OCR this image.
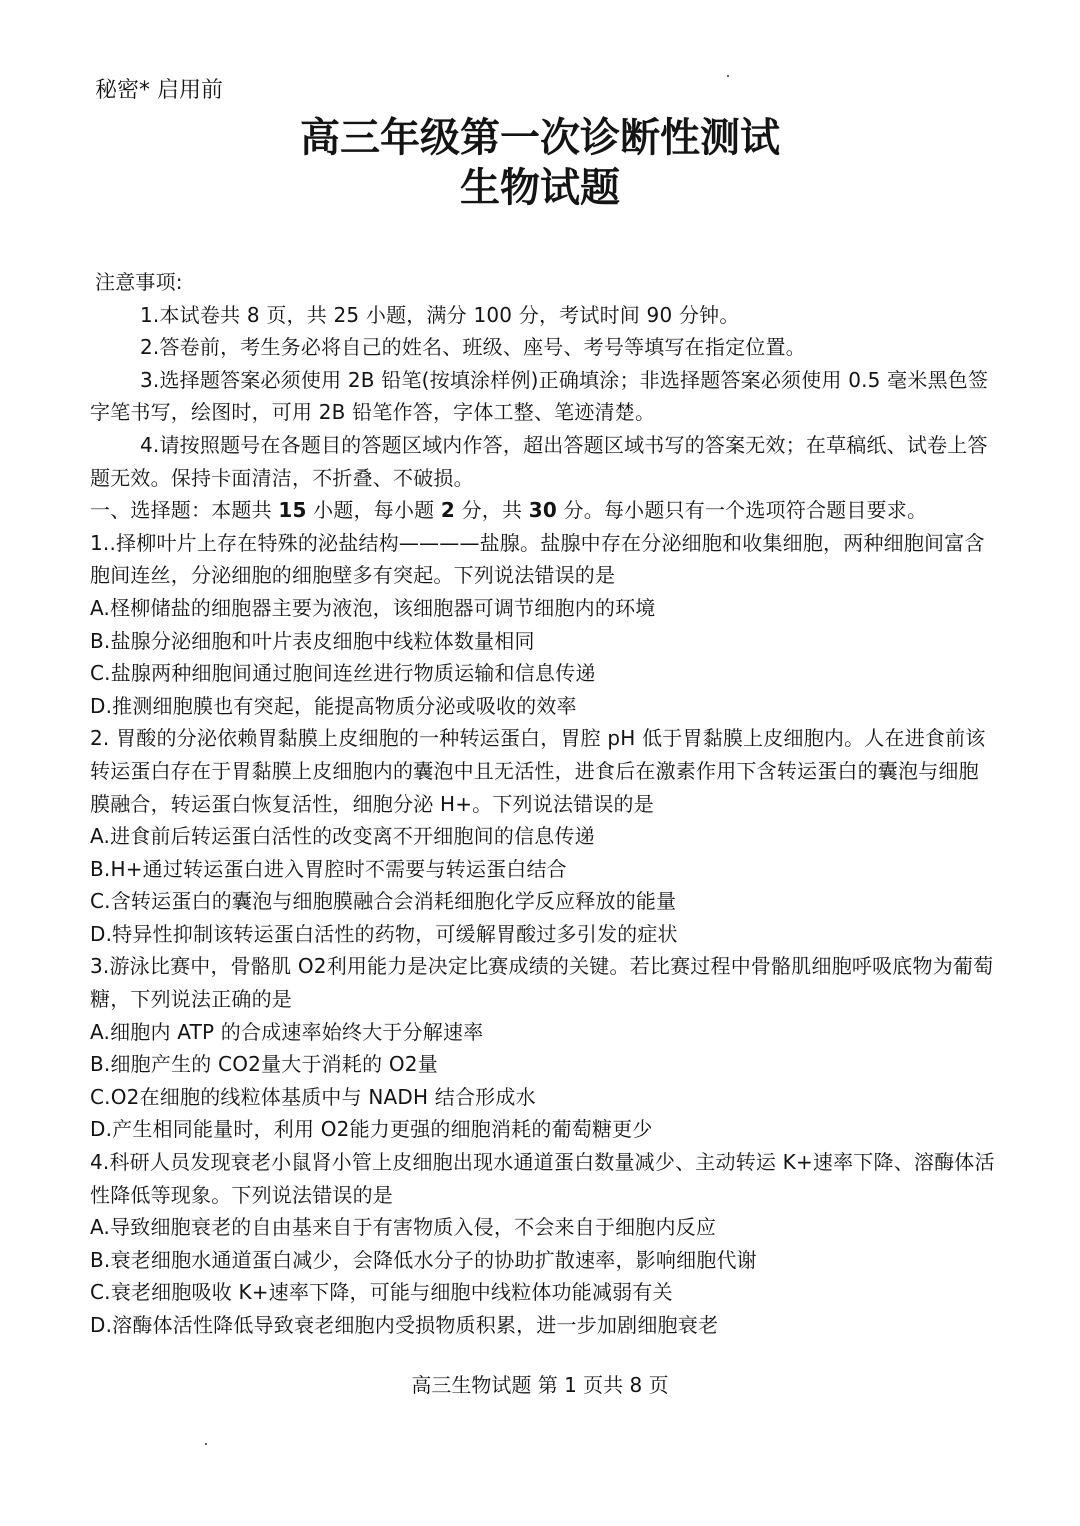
秘密* 启用前
高三年级第一次诊断性测试
生物试题

注意事项:

1.本试卷共 8 页，共 25 小题，满分 100 分，考试时间 90 分钟。

2.答卷前，考生务必将自己的姓名、班级、座号、考号等填写在指定位置。

3.选择题答案必须使用 2B 铅笔(按填涂样例)正确填涂；非选择题答案必须使用 0.5 毫米黑色签字笔书写，绘图时，可用 2B 铅笔作答，字体工整、笔迹清楚。

4.请按照题号在各题目的答题区域内作答，超出答题区域书写的答案无效；在草稿纸、试卷上答题无效。保持卡面清洁，不折叠、不破损。

一、选择题：本题共 15 小题，每小题 2 分，共 30 分。每小题只有一个选项符合题目要求。

1..择柳叶片上存在特殊的泌盐结构————盐腺。盐腺中存在分泌细胞和收集细胞，两种细胞间富含胞间连丝，分泌细胞的细胞壁多有突起。下列说法错误的是

A.柽柳储盐的细胞器主要为液泡，该细胞器可调节细胞内的环境

B.盐腺分泌细胞和叶片表皮细胞中线粒体数量相同

C.盐腺两种细胞间通过胞间连丝进行物质运输和信息传递

D.推测细胞膜也有突起，能提高物质分泌或吸收的效率

2. 胃酸的分泌依赖胃黏膜上皮细胞的一种转运蛋白，胃腔 pH 低于胃黏膜上皮细胞内。人在进食前该转运蛋白存在于胃黏膜上皮细胞内的囊泡中且无活性，进食后在激素作用下含转运蛋白的囊泡与细胞膜融合，转运蛋白恢复活性，细胞分泌 H+。下列说法错误的是

A.进食前后转运蛋白活性的改变离不开细胞间的信息传递

B.H+通过转运蛋白进入胃腔时不需要与转运蛋白结合

C.含转运蛋白的囊泡与细胞膜融合会消耗细胞化学反应释放的能量

D.特异性抑制该转运蛋白活性的药物，可缓解胃酸过多引发的症状

3.游泳比赛中，骨骼肌 O2利用能力是决定比赛成绩的关键。若比赛过程中骨骼肌细胞呼吸底物为葡萄糖，下列说法正确的是

A.细胞内 ATP 的合成速率始终大于分解速率

B.细胞产生的 CO2量大于消耗的 O2量

C.O2在细胞的线粒体基质中与 NADH 结合形成水

D.产生相同能量时，利用 O2能力更强的细胞消耗的葡萄糖更少

4.科研人员发现衰老小鼠肾小管上皮细胞出现水通道蛋白数量减少、主动转运 K+速率下降、溶酶体活性降低等现象。下列说法错误的是

A.导致细胞衰老的自由基来自于有害物质入侵，不会来自于细胞内反应

B.衰老细胞水通道蛋白减少，会降低水分子的协助扩散速率，影响细胞代谢

C.衰老细胞吸收 K+速率下降，可能与细胞中线粒体功能减弱有关

D.溶酶体活性降低导致衰老细胞内受损物质积累，进一步加剧细胞衰老

高三生物试题 第 1 页共 8 页
